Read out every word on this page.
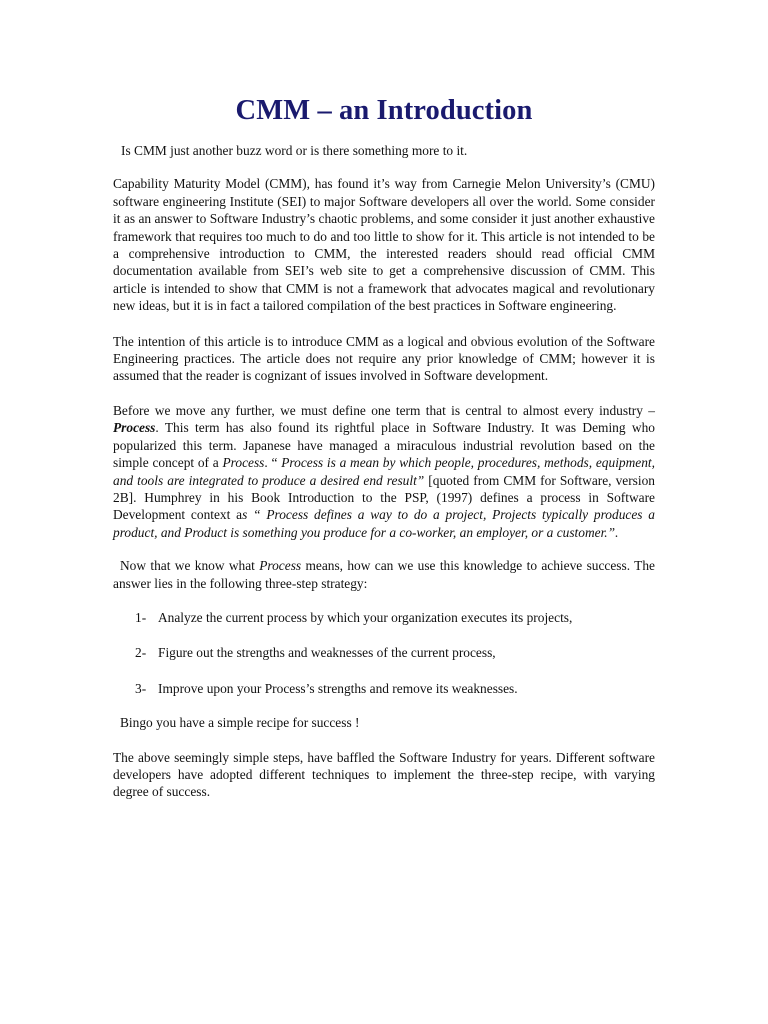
CMM – an Introduction

Is CMM just another buzz word or is there something more to it.

Capability Maturity Model (CMM), has found it’s way from Carnegie Melon University’s (CMU) software engineering Institute (SEI) to major Software developers all over the world. Some consider it as an answer to Software Industry’s chaotic problems, and some consider it just another exhaustive framework that requires too much to do and too little to show for it. This article is not intended to be a comprehensive introduction to CMM, the interested readers should read official CMM documentation available from SEI’s web site to get a comprehensive discussion of CMM. This article is intended to show that CMM is not a framework that advocates magical and revolutionary new ideas, but it is in fact a tailored compilation of the best practices in Software engineering.

The intention of this article is to introduce CMM as a logical and obvious evolution of the Software Engineering practices. The article does not require any prior knowledge of CMM; however it is assumed that the reader is cognizant of issues involved in Software development.

Before we move any further, we must define one term that is central to almost every industry – Process. This term has also found its rightful place in Software Industry. It was Deming who popularized this term. Japanese have managed a miraculous industrial revolution based on the simple concept of a Process. “ Process is a mean by which people, procedures, methods, equipment, and tools are integrated to produce a desired end result” [quoted from CMM for Software, version 2B]. Humphrey in his Book Introduction to the PSP, (1997) defines a process in Software Development context as “ Process defines a way to do a project, Projects typically produces a product, and Product is something you produce for a co-worker, an employer, or a customer.”.

Now that we know what Process means, how can we use this knowledge to achieve success. The answer lies in the following three-step strategy:

1- Analyze the current process by which your organization executes its projects,
2- Figure out the strengths and weaknesses of the current process,
3- Improve upon your Process’s strengths and remove its weaknesses.

Bingo you have a simple recipe for success !

The above seemingly simple steps, have baffled the Software Industry for years. Different software developers have adopted different techniques to implement the three-step recipe, with varying degree of success.
